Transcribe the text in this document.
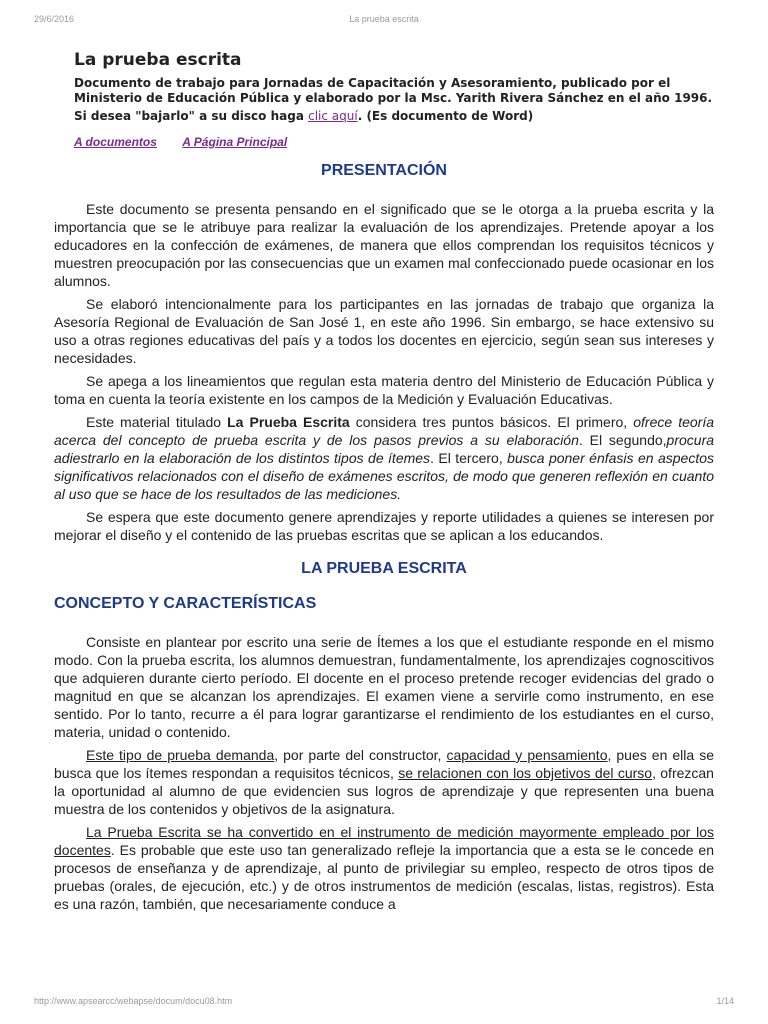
29/6/2016	La prueba escrita
La prueba escrita
Documento de trabajo para Jornadas de Capacitación y Asesoramiento, publicado por el Ministerio de Educación Pública y elaborado por la Msc. Yarith Rivera Sánchez en el año 1996.
Si desea "bajarlo" a su disco haga clic aquí. (Es documento de Word)
A documentos A Página Principal
PRESENTACIÓN

Este documento se presenta pensando en el significado que se le otorga a la prueba escrita y la importancia que se le atribuye para realizar la evaluación de los aprendizajes. Pretende apoyar a los educadores en la confección de exámenes, de manera que ellos comprendan los requisitos técnicos y muestren preocupación por las consecuencias que un examen mal confeccionado puede ocasionar en los alumnos.

Se elaboró intencionalmente para los participantes en las jornadas de trabajo que organiza la Asesoría Regional de Evaluación de San José 1, en este año 1996. Sin embargo, se hace extensivo su uso a otras regiones educativas del país y a todos los docentes en ejercicio, según sean sus intereses y necesidades.

Se apega a los lineamientos que regulan esta materia dentro del Ministerio de Educación Pública y toma en cuenta la teoría existente en los campos de la Medición y Evaluación Educativas.

Este material titulado La Prueba Escrita considera tres puntos básicos. El primero, ofrece teoría acerca del concepto de prueba escrita y de los pasos previos a su elaboración. El segundo,procura adiestrarlo en la elaboración de los distintos tipos de ítemes. El tercero, busca poner énfasis en aspectos significativos relacionados con el diseño de exámenes escritos, de modo que generen reflexión en cuanto al uso que se hace de los resultados de las mediciones.

Se espera que este documento genere aprendizajes y reporte utilidades a quienes se interesen por mejorar el diseño y el contenido de las pruebas escritas que se aplican a los educandos.

LA PRUEBA ESCRITA
CONCEPTO Y CARACTERÍSTICAS

Consiste en plantear por escrito una serie de Ítemes a los que el estudiante responde en el mismo modo. Con la prueba escrita, los alumnos demuestran, fundamentalmente, los aprendizajes cognoscitivos que adquieren durante cierto período. El docente en el proceso pretende recoger evidencias del grado o magnitud en que se alcanzan los aprendizajes. El examen viene a servirle como instrumento, en ese sentido. Por lo tanto, recurre a él para lograr garantizarse el rendimiento de los estudiantes en el curso, materia, unidad o contenido.

Este tipo de prueba demanda, por parte del constructor, capacidad y pensamiento, pues en ella se busca que los ítemes respondan a requisitos técnicos, se relacionen con los objetivos del curso, ofrezcan la oportunidad al alumno de que evidencien sus logros de aprendizaje y que representen una buena muestra de los contenidos y objetivos de la asignatura.

La Prueba Escrita se ha convertido en el instrumento de medición mayormente empleado por los docentes. Es probable que este uso tan generalizado refleje la importancia que a esta se le concede en procesos de enseñanza y de aprendizaje, al punto de privilegiar su empleo, respecto de otros tipos de pruebas (orales, de ejecución, etc.) y de otros instrumentos de medición (escalas, listas, registros). Esta es una razón, también, que necesariamente conduce a

http://www.apsearcc/webapse/docum/docu08.htm	1/14
